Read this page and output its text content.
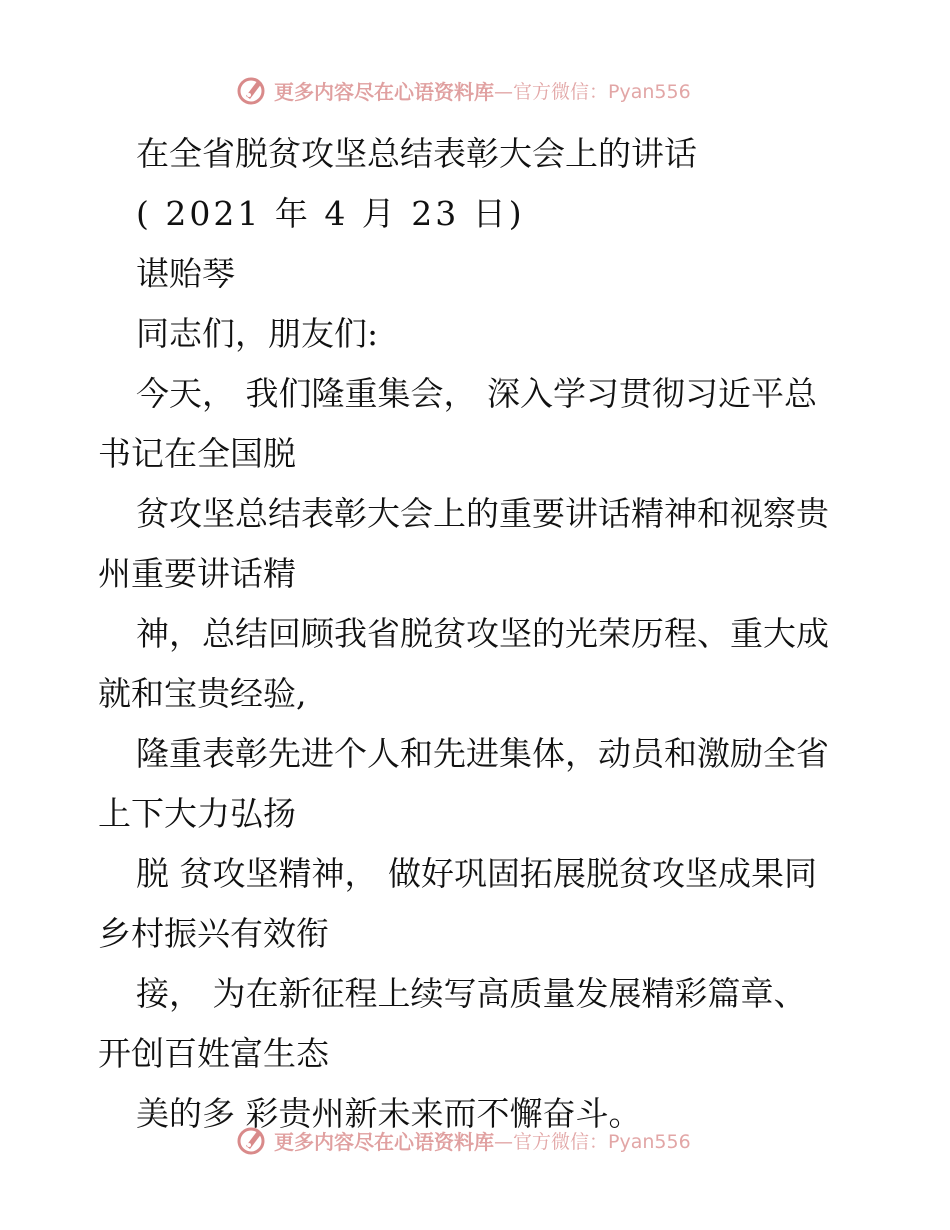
更多内容尽在心语资料库 —官方微信：Pyan556
在全省脱贫攻坚总结表彰大会上的讲话
( 2021 年 4 月 23 日)
谌贻琴
同志们，朋友们:
今天， 我们隆重集会， 深入学习贯彻习近平总
书记在全国脱
贫攻坚总结表彰大会上的重要讲话精神和视察贵
州重要讲话精
神，总结回顾我省脱贫攻坚的光荣历程、重大成
就和宝贵经验,
隆重表彰先进个人和先进集体，动员和激励全省
上下大力弘扬
脱 贫攻坚精神， 做好巩固拓展脱贫攻坚成果同
乡村振兴有效衔
接， 为在新征程上续写高质量发展精彩篇章、
开创百姓富生态
美的多 彩贵州新未来而不懈奋斗。
更多内容尽在心语资料库 —官方微信：Pyan556
